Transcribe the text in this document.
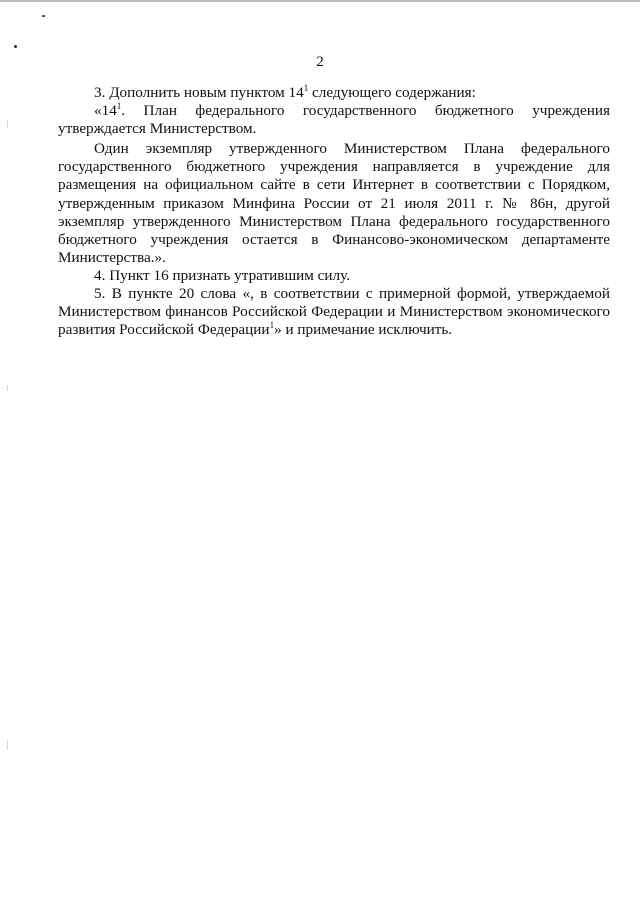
2

3. Дополнить новым пунктом $14^1$ следующего содержания:

«$14^1$. План федерального государственного бюджетного учреждения утверждается Министерством.

Один экземпляр утвержденного Министерством Плана федерального государственного бюджетного учреждения направляется в учреждение для размещения на официальном сайте в сети Интернет в соответствии с Порядком, утвержденным приказом Минфина России от 21 июля 2011 г. № 86н, другой экземпляр утвержденного Министерством Плана федерального государственного бюджетного учреждения остается в Финансово-экономическом департаменте Министерства.».

4. Пункт 16 признать утратившим силу.

5. В пункте 20 слова «, в соответствии с примерной формой, утверждаемой Министерством финансов Российской Федерации и Министерством экономического развития Российской Федерации$^1$» и примечание исключить.
